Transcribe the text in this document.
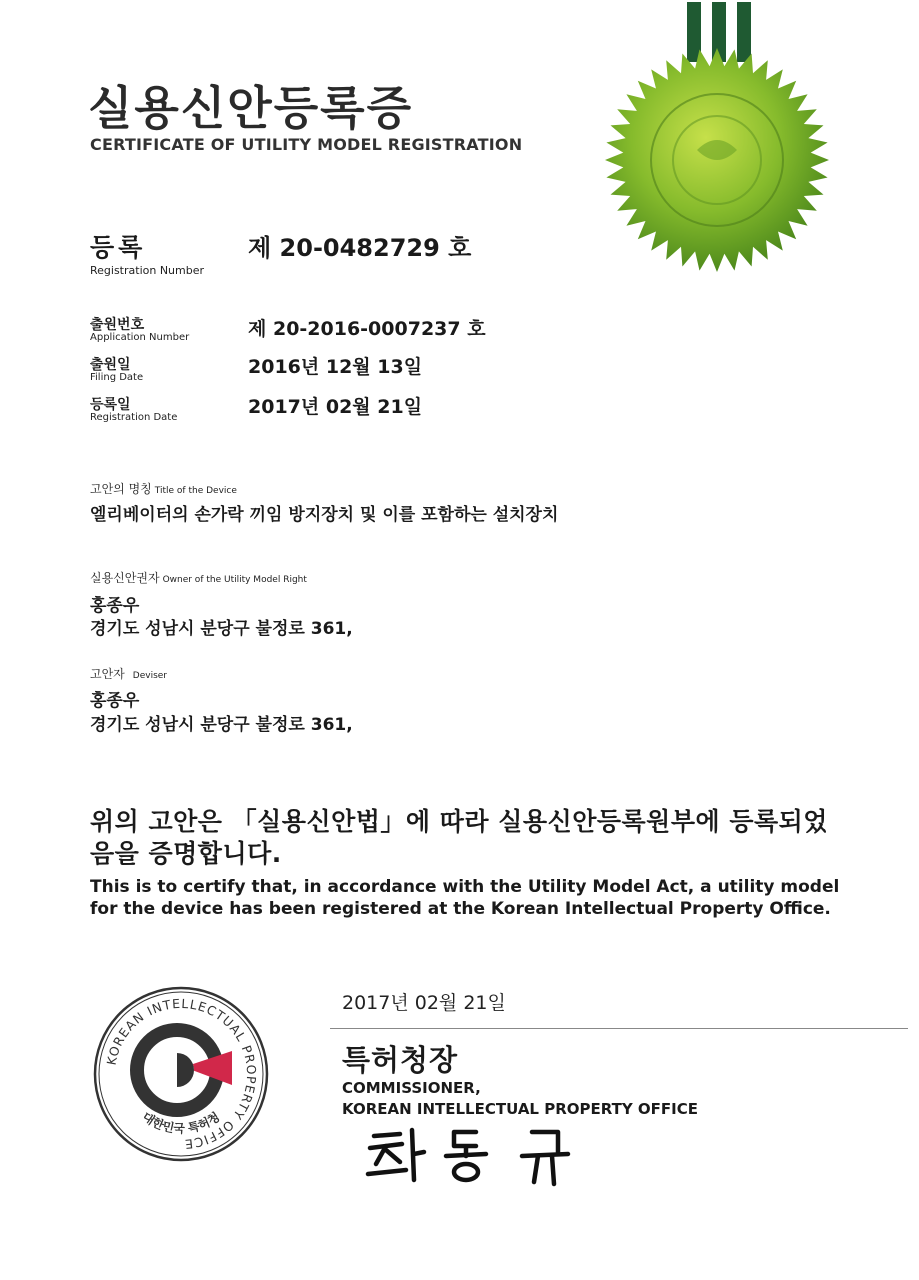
실용신안등록증
CERTIFICATE OF UTILITY MODEL REGISTRATION
등록
Registration Number
제 20-0482729 호
출원번호
Application Number	제 20-2016-0007237 호
출원일
Filing Date	2016년 12월 13일
등록일
Registration Date	2017년 02월 21일
고안의 명칭 Title of the Device
엘리베이터의 손가락 끼임 방지장치 및 이를 포함하는 설치장치
실용신안권자 Owner of the Utility Model Right
홍종우
경기도 성남시 분당구 불정로 361,
고안자 Deviser
홍종우
경기도 성남시 분당구 불정로 361,
위의 고안은 「실용신안법」에 따라 실용신안등록원부에 등록되었음을 증명합니다.
This is to certify that, in accordance with the Utility Model Act, a utility model for the device has been registered at the Korean Intellectual Property Office.
KOREAN INTELLECTUAL PROPERTY OFFICE
대한민국 특허청
2017년 02월 21일
특허청장
COMMISSIONER,
KOREAN INTELLECTUAL PROPERTY OFFICE
